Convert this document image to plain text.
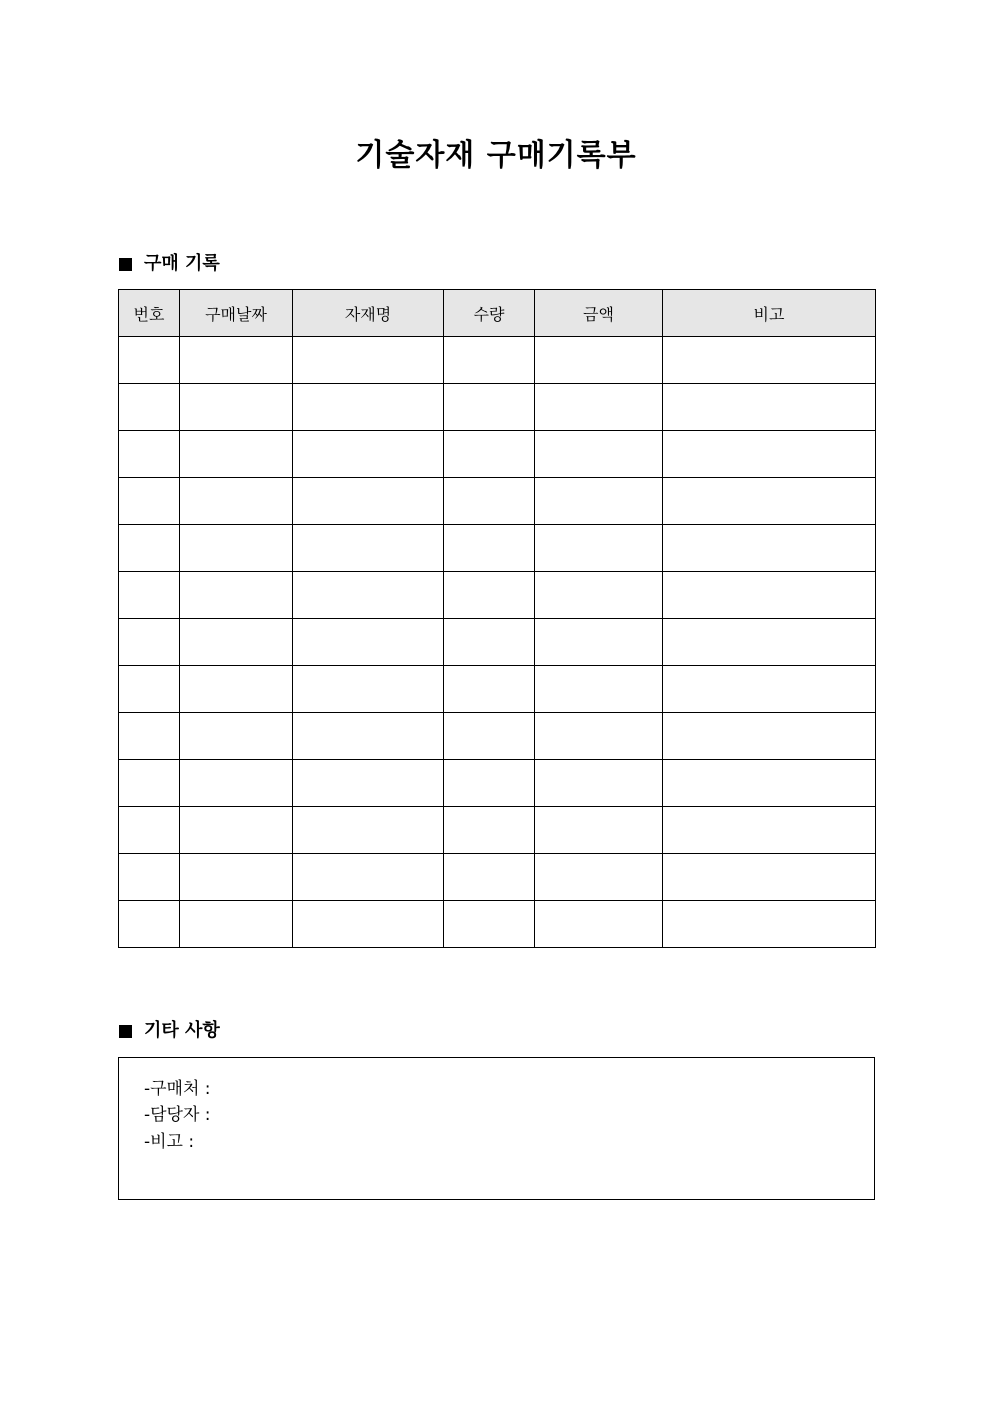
기술자재 구매기록부
구매 기록
번호	구매날짜	자재명	수량	금액	비고

기타 사항
-구매처 :
-담당자 :
-비고 :
